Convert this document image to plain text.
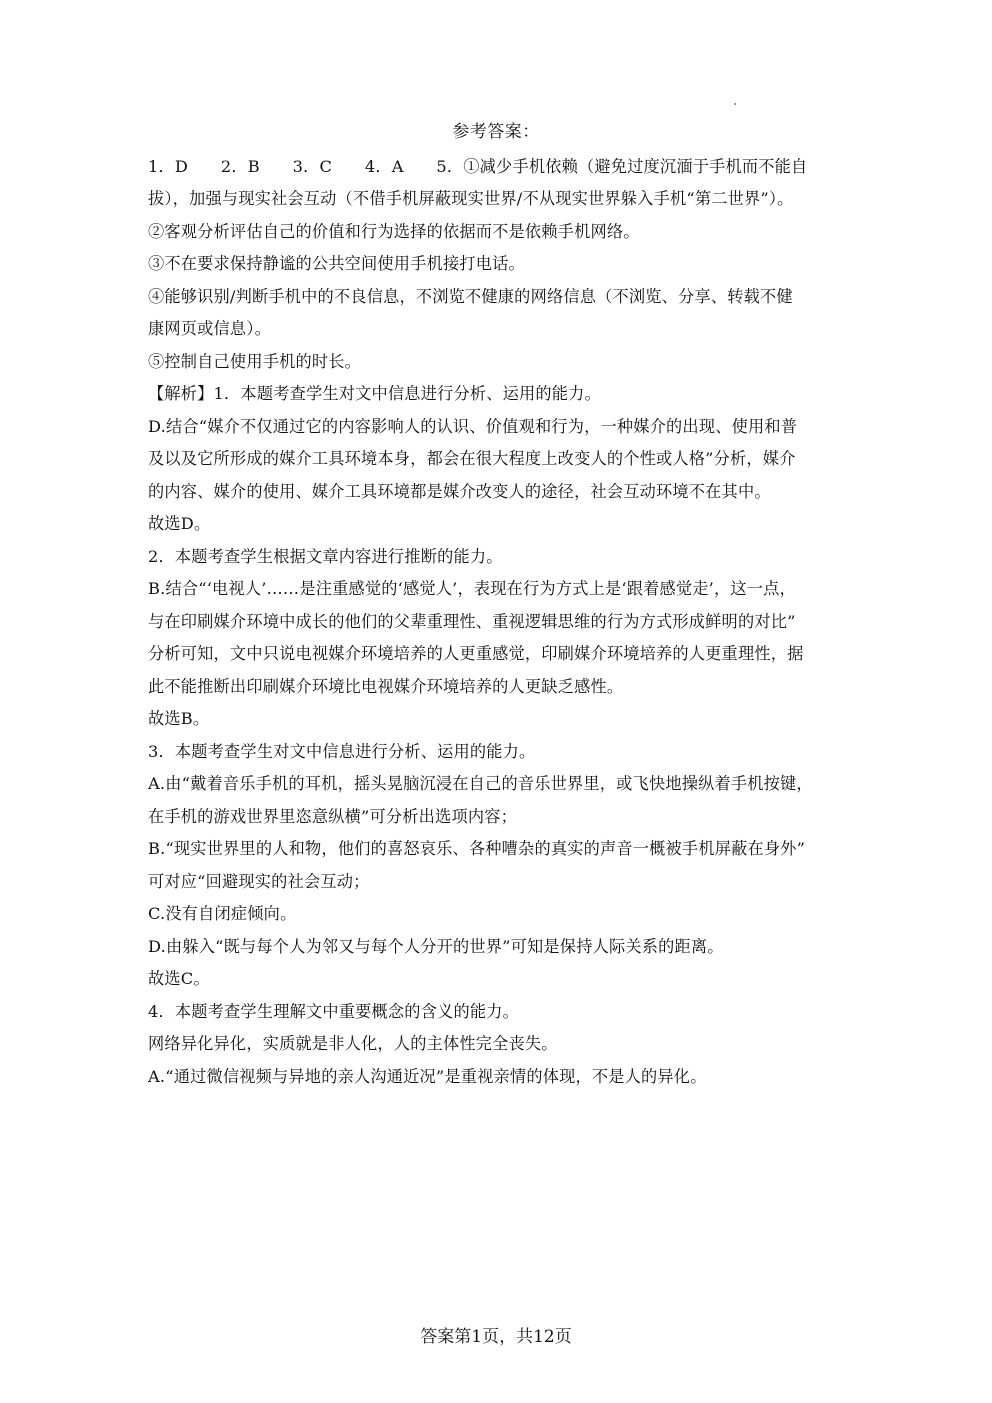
参考答案：
1．D　　2．B　　3．C　　4．A　　5．①减少手机依赖（避免过度沉湎于手机而不能自
拔），加强与现实社会互动（不借手机屏蔽现实世界/不从现实世界躲入手机“第二世界”）。
②客观分析评估自己的价值和行为选择的依据而不是依赖手机网络。
③不在要求保持静谧的公共空间使用手机接打电话。
④能够识别/判断手机中的不良信息，不浏览不健康的网络信息（不浏览、分享、转载不健
康网页或信息）。
⑤控制自己使用手机的时长。
【解析】1．本题考查学生对文中信息进行分析、运用的能力。
D.结合“媒介不仅通过它的内容影响人的认识、价值观和行为，一种媒介的出现、使用和普
及以及它所形成的媒介工具环境本身，都会在很大程度上改变人的个性或人格”分析，媒介
的内容、媒介的使用、媒介工具环境都是媒介改变人的途径，社会互动环境不在其中。
故选D。
2．本题考查学生根据文章内容进行推断的能力。
B.结合“‘电视人’……是注重感觉的‘感觉人’，表现在行为方式上是‘跟着感觉走’，这一点，
与在印刷媒介环境中成长的他们的父辈重理性、重视逻辑思维的行为方式形成鲜明的对比”
分析可知，文中只说电视媒介环境培养的人更重感觉，印刷媒介环境培养的人更重理性，据
此不能推断出印刷媒介环境比电视媒介环境培养的人更缺乏感性。
故选B。
3．本题考查学生对文中信息进行分析、运用的能力。
A.由“戴着音乐手机的耳机，摇头晃脑沉浸在自己的音乐世界里，或飞快地操纵着手机按键，
在手机的游戏世界里恣意纵横”可分析出选项内容；
B.“现实世界里的人和物，他们的喜怒哀乐、各种嘈杂的真实的声音一概被手机屏蔽在身外”
可对应“回避现实的社会互动；
C.没有自闭症倾向。
D.由躲入“既与每个人为邻又与每个人分开的世界”可知是保持人际关系的距离。
故选C。
4．本题考查学生理解文中重要概念的含义的能力。
网络异化异化，实质就是非人化，人的主体性完全丧失。
A.“通过微信视频与异地的亲人沟通近况”是重视亲情的体现，不是人的异化。
答案第1页，共12页
